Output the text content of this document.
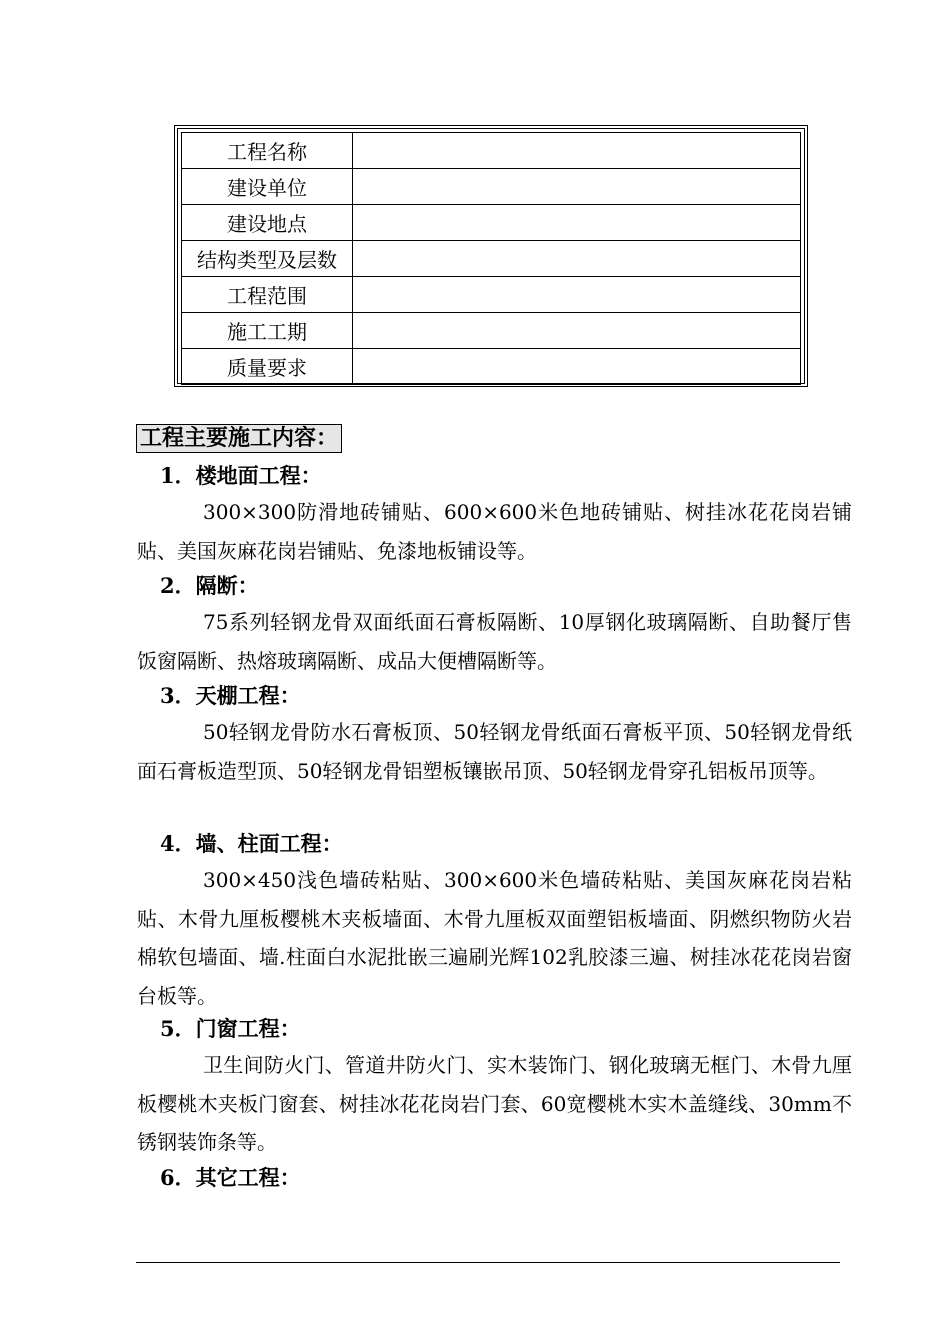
工程名称	
建设单位	
建设地点	
结构类型及层数	
工程范围	
施工工期	
质量要求	
工程主要施工内容：
1．楼地面工程：
300×300防滑地砖铺贴、600×600米色地砖铺贴、树挂冰花花岗岩铺贴、美国灰麻花岗岩铺贴、免漆地板铺设等。
2．隔断：
75系列轻钢龙骨双面纸面石膏板隔断、10厚钢化玻璃隔断、自助餐厅售饭窗隔断、热熔玻璃隔断、成品大便槽隔断等。
3．天棚工程：
50轻钢龙骨防水石膏板顶、50轻钢龙骨纸面石膏板平顶、50轻钢龙骨纸面石膏板造型顶、50轻钢龙骨铝塑板镶嵌吊顶、50轻钢龙骨穿孔铝板吊顶等。
4．墙、柱面工程：
300×450浅色墙砖粘贴、300×600米色墙砖粘贴、美国灰麻花岗岩粘贴、木骨九厘板樱桃木夹板墙面、木骨九厘板双面塑铝板墙面、阴燃织物防火岩棉软包墙面、墙.柱面白水泥批嵌三遍刷光辉102乳胶漆三遍、树挂冰花花岗岩窗台板等。
5．门窗工程：
卫生间防火门、管道井防火门、实木装饰门、钢化玻璃无框门、木骨九厘板樱桃木夹板门窗套、树挂冰花花岗岩门套、60宽樱桃木实木盖缝线、30mm不锈钢装饰条等。
6．其它工程：
